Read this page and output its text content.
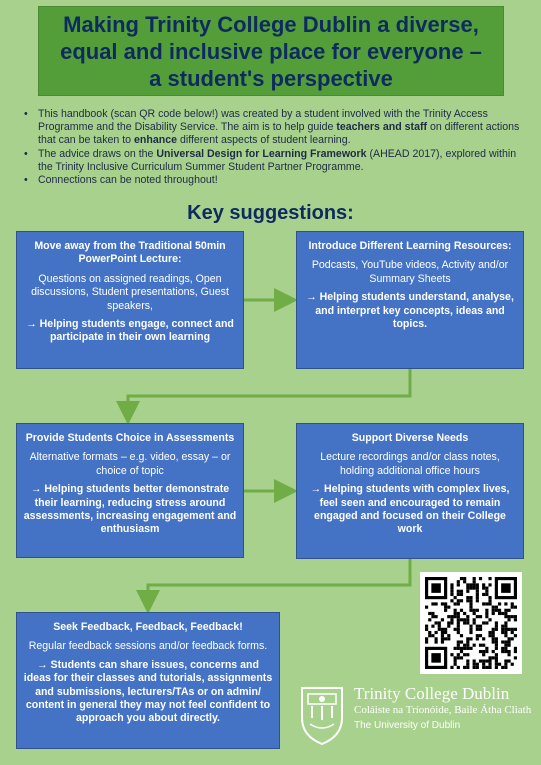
Making Trinity College Dublin a diverse,
equal and inclusive place for everyone –
a student's perspective
• This handbook (scan QR code below!) was created by a student involved with the Trinity Access Programme and the Disability Service. The aim is to help guide teachers and staff on different actions that can be taken to enhance different aspects of student learning.
• The advice draws on the Universal Design for Learning Framework (AHEAD 2017), explored within the Trinity Inclusive Curriculum Summer Student Partner Programme.
• Connections can be noted throughout!
Key suggestions:
Move away from the Traditional 50min PowerPoint Lecture:
Questions on assigned readings, Open discussions, Student presentations, Guest speakers,
→ Helping students engage, connect and participate in their own learning
Introduce Different Learning Resources:
Podcasts, YouTube videos, Activity and/or Summary Sheets
→ Helping students understand, analyse, and interpret key concepts, ideas and topics.
Provide Students Choice in Assessments
Alternative formats – e.g. video, essay – or choice of topic
→ Helping students better demonstrate their learning, reducing stress around assessments, increasing engagement and enthusiasm
Support Diverse Needs
Lecture recordings and/or class notes, holding additional office hours
→ Helping students with complex lives, feel seen and encouraged to remain engaged and focused on their College work
Seek Feedback, Feedback, Feedback!
Regular feedback sessions and/or feedback forms.
→ Students can share issues, concerns and ideas for their classes and tutorials, assignments and submissions, lecturers/TAs or on admin/ content in general they may not feel confident to approach you about directly.
Trinity College Dublin
Coláiste na Tríonóide, Baile Átha Cliath
The University of Dublin
